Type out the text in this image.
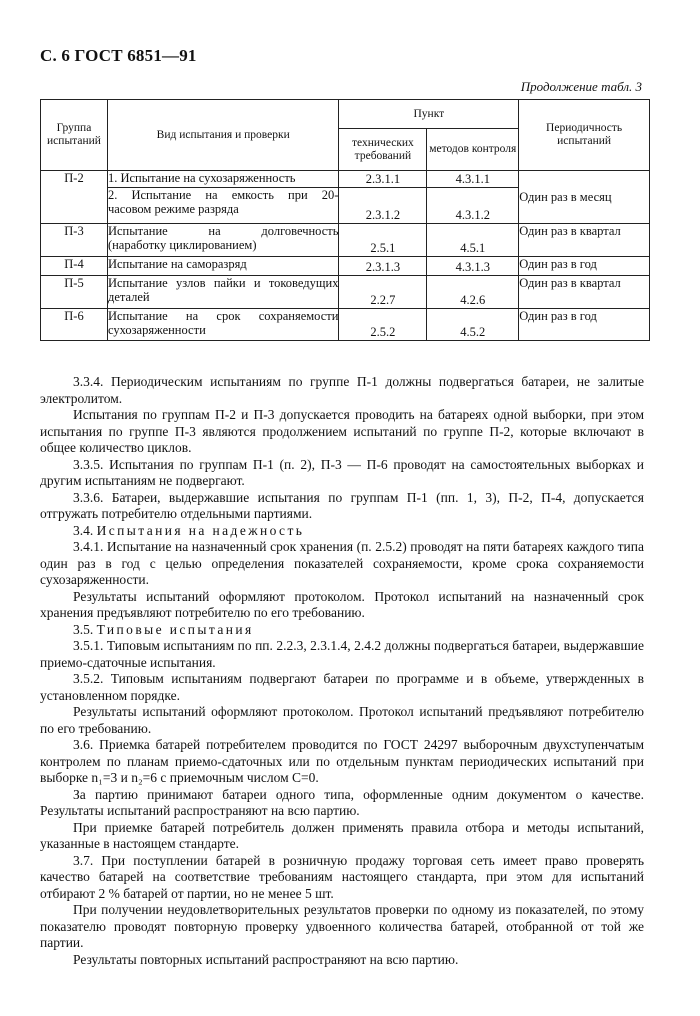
С. 6 ГОСТ 6851—91
Продолжение табл. 3
Группа испытаний	Вид испытания и проверки	Пункт		Периодичность испытаний
		технических требований	методов контроля	
П-2	1. Испытание на сухозаряженность	2.3.1.1	4.3.1.1	Один раз в месяц

	2. Испытание на емкость при 20-
часовом режиме разряда	2.3.1.2	4.3.1.2	
П-3	Испытание на долговечность
(наработку циклированием)	2.5.1	4.5.1	Один раз в квартал
П-4	Испытание на саморазряд	2.3.1.3	4.3.1.3	Один раз в год
П-5	Испытание узлов пайки и токоведущих
деталей	2.2.7	4.2.6	Один раз в квартал
П-6	Испытание на срок сохраняемости
сухозаряженности	2.5.2	4.5.2	Один раз в год

3.3.4. Периодическим испытаниям по группе П-1 должны подвергаться батареи, не залитые электролитом.

Испытания по группам П-2 и П-3 допускается проводить на батареях одной выборки, при этом испытания по группе П-3 являются продолжением испытаний по группе П-2, которые включают в общее количество циклов.

3.3.5. Испытания по группам П-1 (п. 2), П-3 — П-6 проводят на самостоятельных выборках и другим испытаниям не подвергают.

3.3.6. Батареи, выдержавшие испытания по группам П-1 (пп. 1, 3), П-2, П-4, допускается отгружать потребителю отдельными партиями.

3.4. Испытания на надежность

3.4.1. Испытание на назначенный срок хранения (п. 2.5.2) проводят на пяти батареях каждого типа один раз в год с целью определения показателей сохраняемости, кроме срока сохраняемости сухозаряженности.

Результаты испытаний оформляют протоколом. Протокол испытаний на назначенный срок хранения предъявляют потребителю по его требованию.

3.5. Типовые испытания

3.5.1. Типовым испытаниям по пп. 2.2.3, 2.3.1.4, 2.4.2 должны подвергаться батареи, выдержавшие приемо-сдаточные испытания.

3.5.2. Типовым испытаниям подвергают батареи по программе и в объеме, утвержденных в установленном порядке.

Результаты испытаний оформляют протоколом. Протокол испытаний предъявляют потребителю по его требованию.

3.6. Приемка батарей потребителем проводится по ГОСТ 24297 выборочным двухступенчатым контролем по планам приемо-сдаточных или по отдельным пунктам периодических испытаний при выборке n₁=3 и n₂=6 с приемочным числом C=0.

За партию принимают батареи одного типа, оформленные одним документом о качестве. Результаты испытаний распространяют на всю партию.

При приемке батарей потребитель должен применять правила отбора и методы испытаний, указанные в настоящем стандарте.

3.7. При поступлении батарей в розничную продажу торговая сеть имеет право проверять качество батарей на соответствие требованиям настоящего стандарта, при этом для испытаний отбирают 2 % батарей от партии, но не менее 5 шт.

При получении неудовлетворительных результатов проверки по одному из показателей, по этому показателю проводят повторную проверку удвоенного количества батарей, отобранной от той же партии.

Результаты повторных испытаний распространяют на всю партию.
